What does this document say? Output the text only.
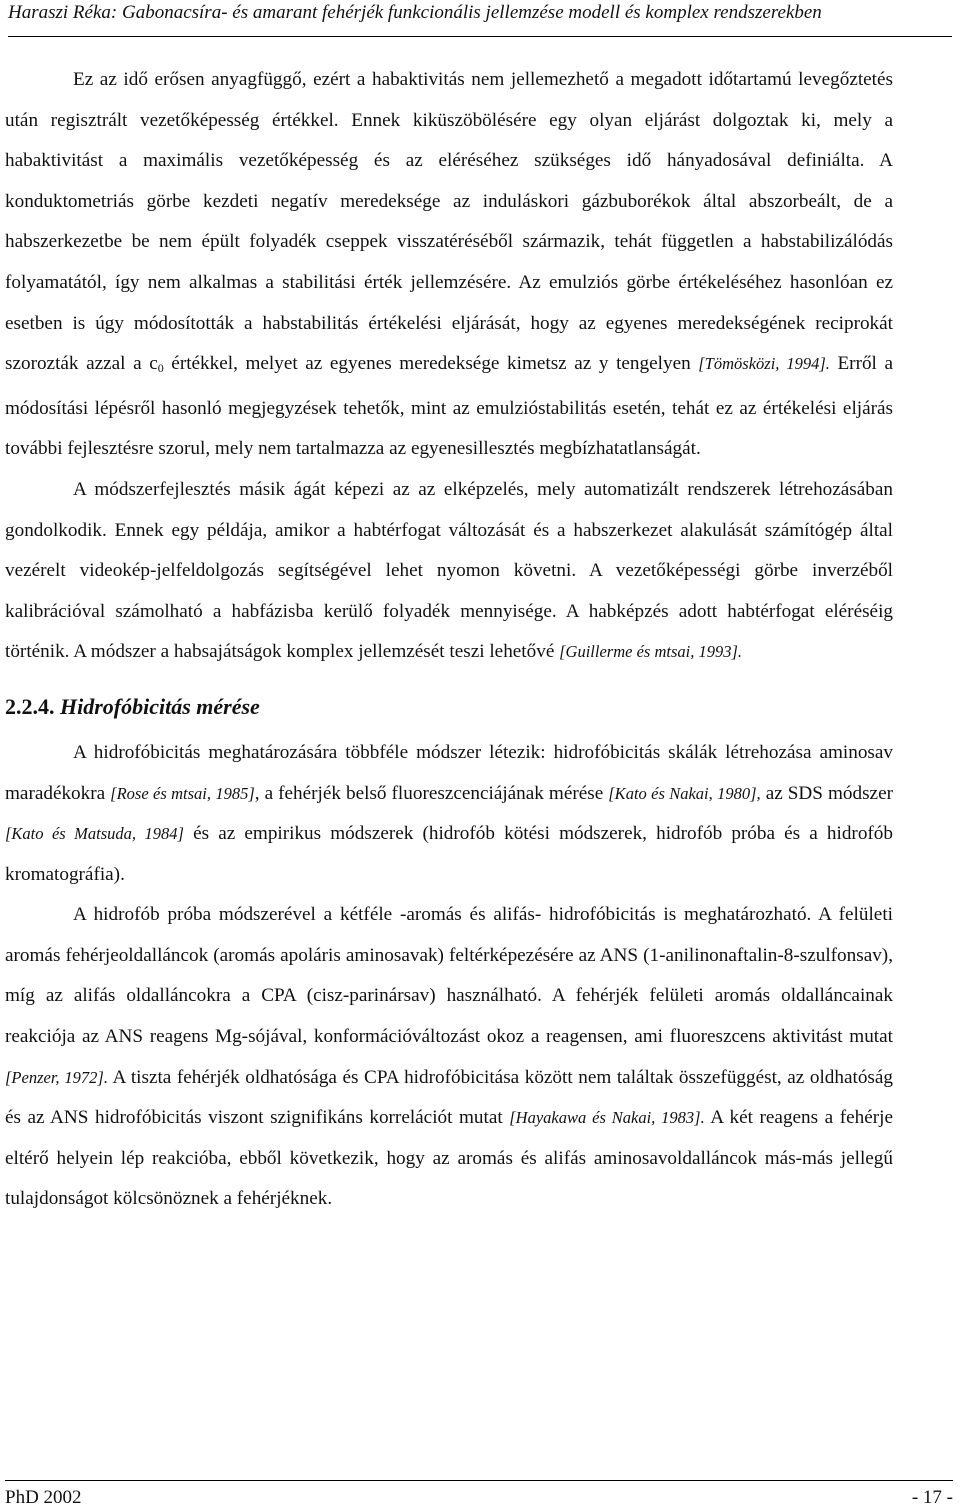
Haraszi Réka: Gabonacsíra- és amarant fehérjék funkcionális jellemzése modell és komplex rendszerekben

Ez az idő erősen anyagfüggő, ezért a habaktivitás nem jellemezhető a megadott időtartamú levegőztetés után regisztrált vezetőképesség értékkel. Ennek kiküszöbölésére egy olyan eljárást dolgoztak ki, mely a habaktivitást a maximális vezetőképesség és az eléréséhez szükséges idő hányadosával definiálta. A konduktometriás görbe kezdeti negatív meredeksége az induláskori gázbuborékok által abszorbeált, de a habszerkezetbe be nem épült folyadék cseppek visszatéréséből származik, tehát független a habstabilizálódás folyamatától, így nem alkalmas a stabilitási érték jellemzésére. Az emulziós görbe értékeléséhez hasonlóan ez esetben is úgy módosították a habstabilitás értékelési eljárását, hogy az egyenes meredekségének reciprokát szorozták azzal a $c_0$ értékkel, melyet az egyenes meredeksége kimetsz az y tengelyen [Tömösközi, 1994]. Erről a módosítási lépésről hasonló megjegyzések tehetők, mint az emulzióstabilitás esetén, tehát ez az értékelési eljárás további fejlesztésre szorul, mely nem tartalmazza az egyenesillesztés megbízhatatlanságát.

A módszerfejlesztés másik ágát képezi az az elképzelés, mely automatizált rendszerek létrehozásában gondolkodik. Ennek egy példája, amikor a habtérfogat változását és a habszerkezet alakulását számítógép által vezérelt videokép-jelfeldolgozás segítségével lehet nyomon követni. A vezetőképességi görbe inverzéből kalibrációval számolható a habfázisba kerülő folyadék mennyisége. A habképzés adott habtérfogat eléréséig történik. A módszer a habsajátságok komplex jellemzését teszi lehetővé [Guillerme és mtsai, 1993].

2.2.4. Hidrofóbicitás mérése

A hidrofóbicitás meghatározására többféle módszer létezik: hidrofóbicitás skálák létrehozása aminosav maradékokra [Rose és mtsai, 1985], a fehérjék belső fluoreszcenciájának mérése [Kato és Nakai, 1980], az SDS módszer [Kato és Matsuda, 1984] és az empirikus módszerek (hidrofób kötési módszerek, hidrofób próba és a hidrofób kromatográfia).

A hidrofób próba módszerével a kétféle -aromás és alifás- hidrofóbicitás is meghatározható. A felületi aromás fehérjeoldalláncok (aromás apoláris aminosavak) feltérképezésére az ANS (1-anilinonaftalin-8-szulfonsav), míg az alifás oldalláncokra a CPA (cisz-parinársav) használható. A fehérjék felületi aromás oldalláncainak reakciója az ANS reagens Mg-sójával, konformációváltozást okoz a reagensen, ami fluoreszcens aktivitást mutat [Penzer, 1972]. A tiszta fehérjék oldhatósága és CPA hidrofóbicitása között nem találtak összefüggést, az oldhatóság és az ANS hidrofóbicitás viszont szignifikáns korrelációt mutat [Hayakawa és Nakai, 1983]. A két reagens a fehérje eltérő helyein lép reakcióba, ebből következik, hogy az aromás és alifás aminosavoldalláncok más-más jellegű tulajdonságot kölcsönöznek a fehérjéknek.

PhD 2002	- 17 -
